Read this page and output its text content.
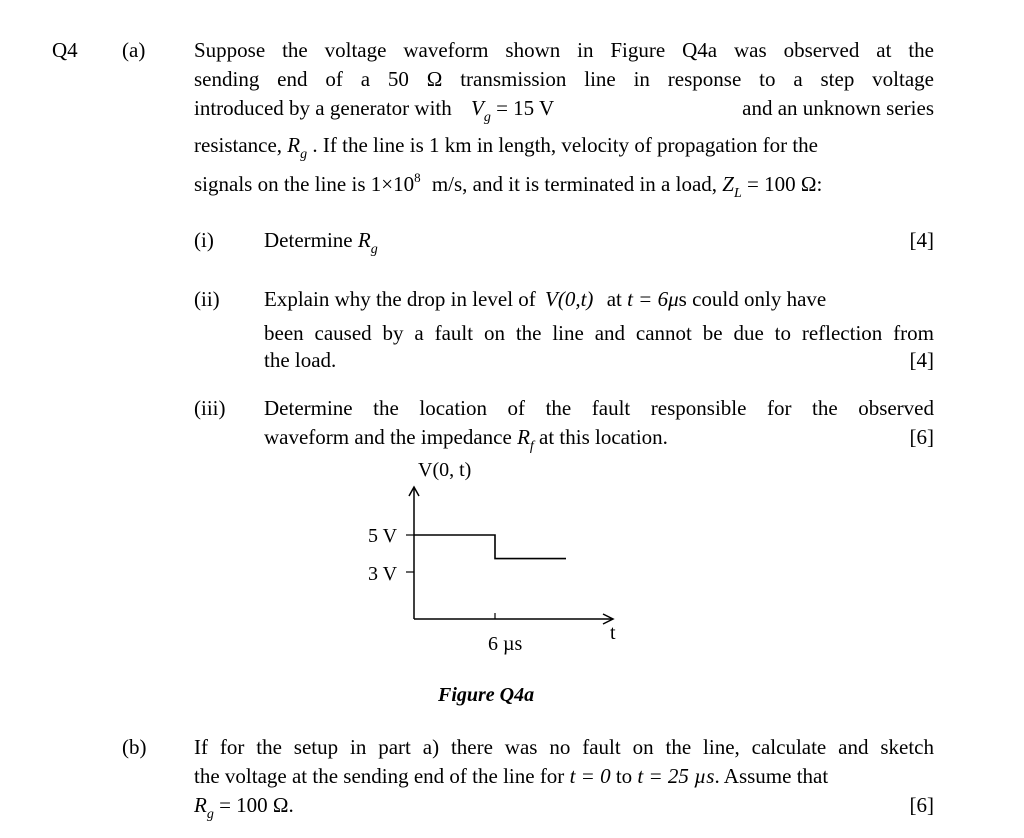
Q4 (a) Suppose the voltage waveform shown in Figure Q4a was observed at the
sending end of a 50 Ω transmission line in response to a step voltage
introduced by a generator with $V_g = 15$ V	and an unknown series
resistance, $R_g$ . If the line is 1 km in length, velocity of propagation for the
signals on the line is $1\times 10^8$ m/s, and it is terminated in a load, $Z_L = 100$ Ω:
(i) Determine $R_g$	[4]
(ii) Explain why the drop in level of V(0,t) at t = 6μs could only have
been caused by a fault on the line and cannot be due to reflection from
the load.	[4]
(iii) Determine the location of the fault responsible for the observed
waveform and the impedance $R_f$ at this location.	[6]
V(0, t)
t
5 V
3 V
6 µs
Figure Q4a
(b) If for the setup in part a) there was no fault on the line, calculate and sketch
the voltage at the sending end of the line for t = 0 to t = 25 µs. Assume that
$R_g = 100$ Ω.	[6]
